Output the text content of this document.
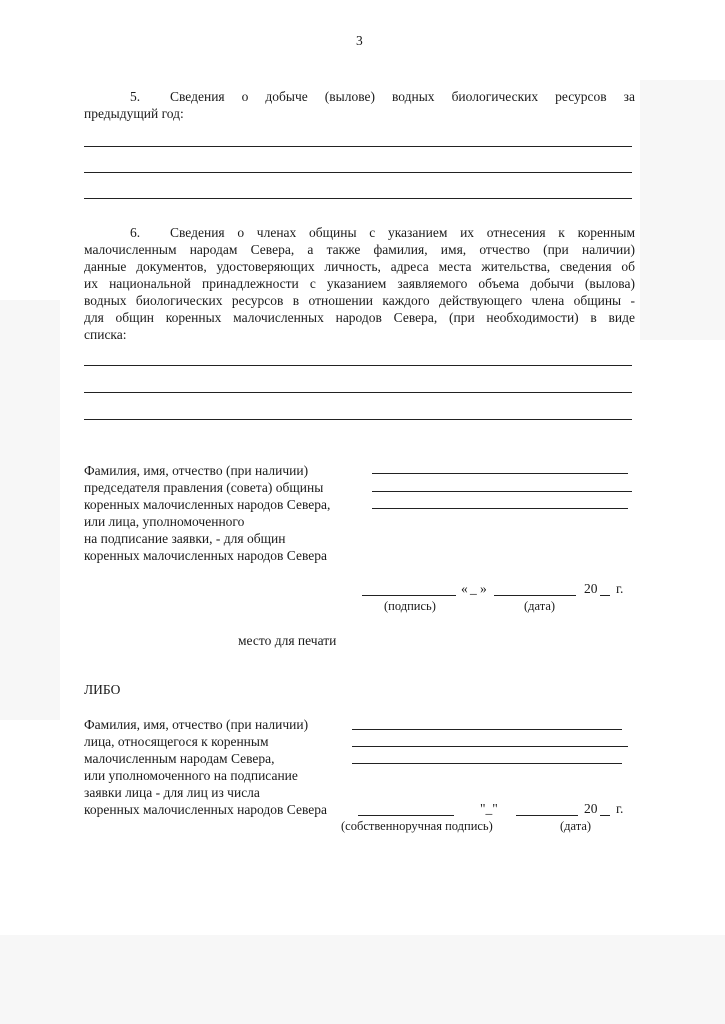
3
5. Сведения о добыче (вылове) водных биологических ресурсов за
предыдущий год:
6. Сведения о членах общины с указанием их отнесения к коренным
малочисленным народам Севера, а также фамилия, имя, отчество (при наличии)
данные документов, удостоверяющих личность, адреса места жительства, сведения об
их национальной принадлежности с указанием заявляемого объема добычи (вылова)
водных биологических ресурсов в отношении каждого действующего члена общины -
для общин коренных малочисленных народов Севера, (при необходимости) в виде
списка:
Фамилия, имя, отчество (при наличии)
председателя правления (совета) общины
коренных малочисленных народов Севера,
или лица, уполномоченного
на подписание заявки, - для общин
коренных малочисленных народов Севера
« _ »	20 г.
(подпись)	(дата)
место для печати
ЛИБО
Фамилия, имя, отчество (при наличии)
лица, относящегося к коренным
малочисленным народам Севера,
или уполномоченного на подписание
заявки лица - для лиц из числа
коренных малочисленных народов Севера	"_"	20 г.
(собственноручная подпись)	(дата)
